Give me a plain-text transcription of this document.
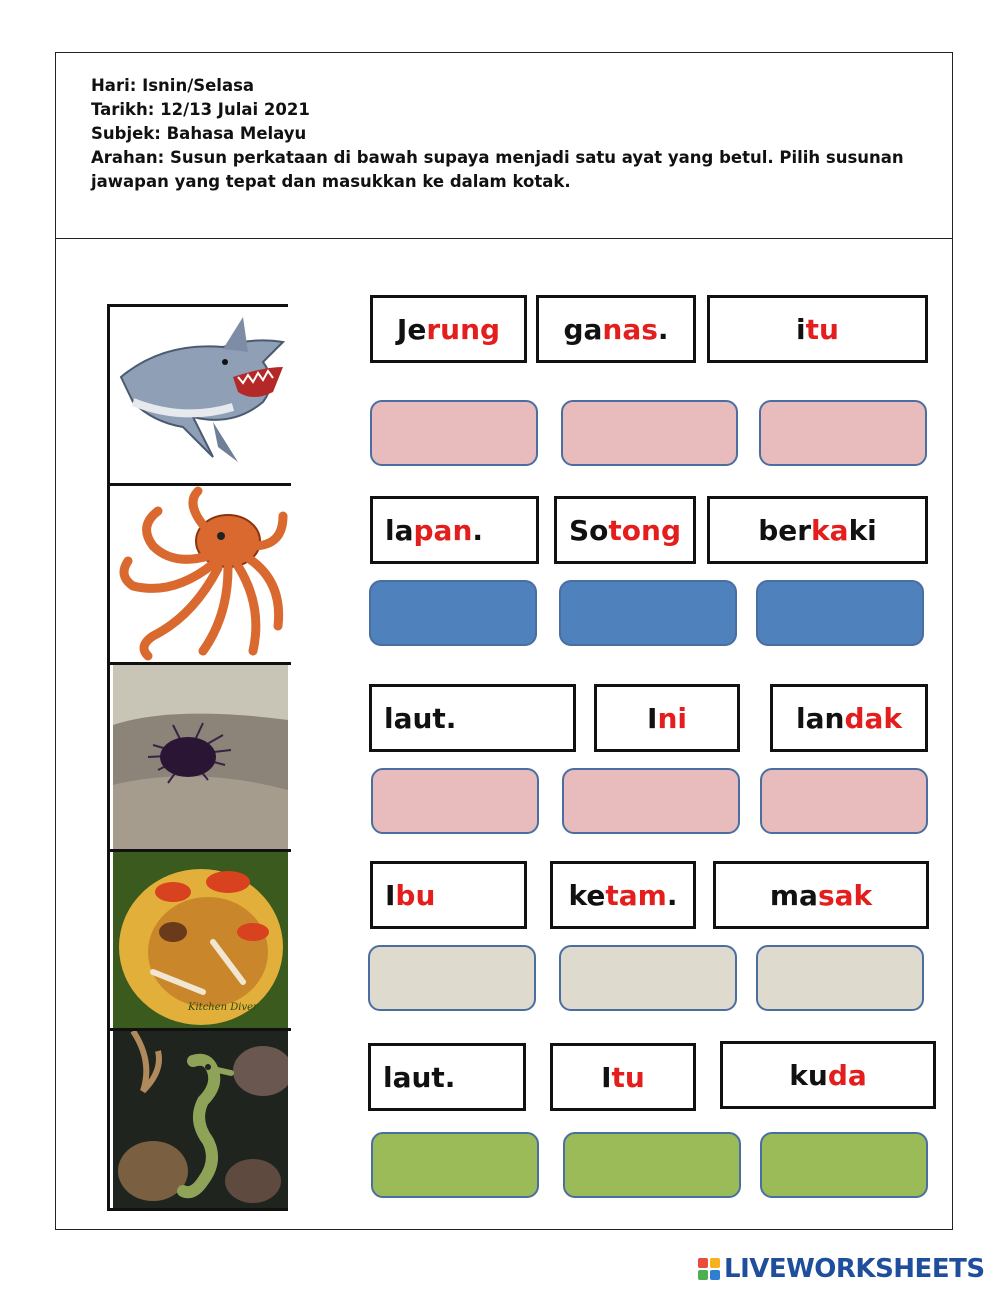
Hari: Isnin/Selasa
Tarikh: 12/13 Julai 2021
Subjek: Bahasa Melayu
Arahan: Susun perkataan di bawah supaya menjadi satu ayat yang betul. Pilih susunan jawapan yang tepat dan masukkan ke dalam kotak.
Kitchen Diver
Je rung ga nas .	i tu
la pan .	So tong	ber ka ki
laut.	I ni	lan dak
I bu	ke tam .	ma sak
laut.	I tu	ku da
LIVEWORKSHEETS
